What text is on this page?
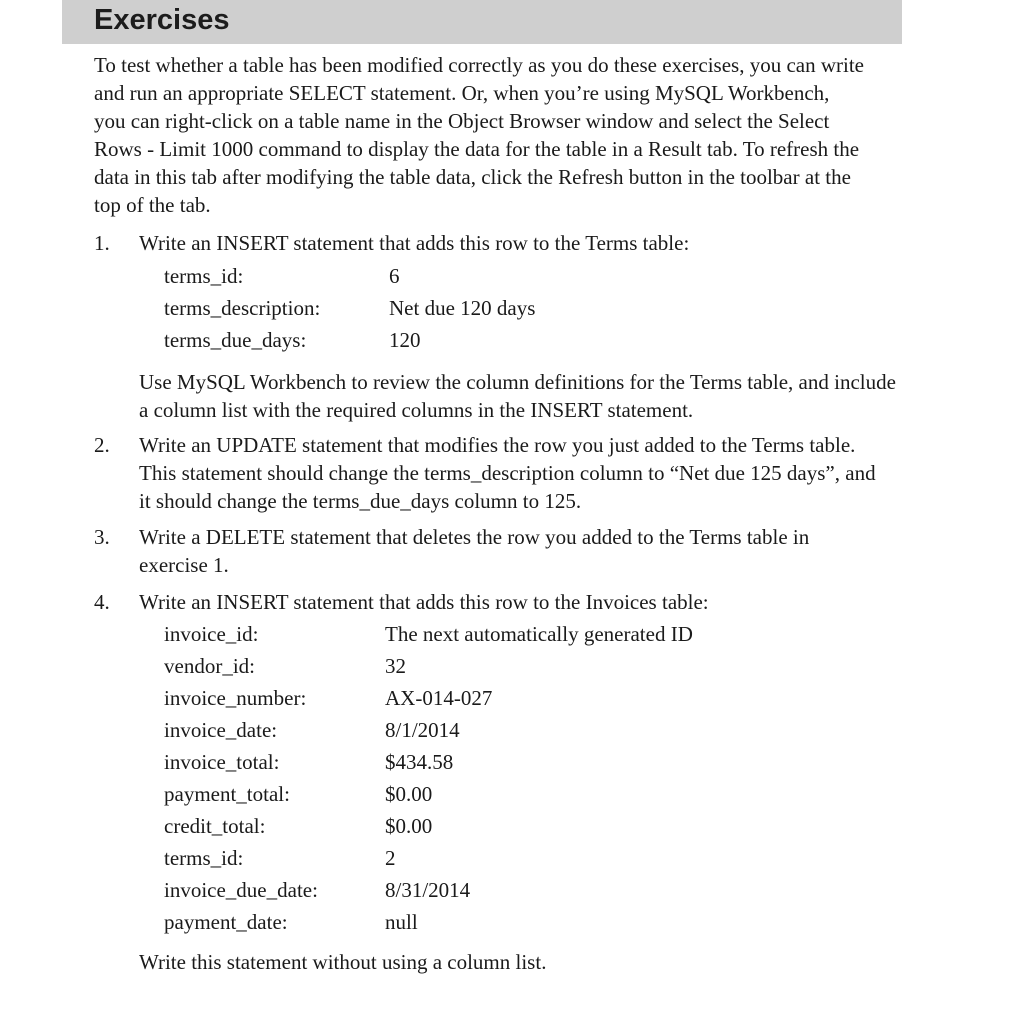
Exercises

To test whether a table has been modified correctly as you do these exercises, you can write and run an appropriate SELECT statement. Or, when you’re using MySQL Workbench, you can right-click on a table name in the Object Browser window and select the Select Rows - Limit 1000 command to display the data for the table in a Result tab. To refresh the data in this tab after modifying the table data, click the Refresh button in the toolbar at the top of the tab.

1.	Write an INSERT statement that adds this row to the Terms table:
terms_id:	6
terms_description:	Net due 120 days
terms_due_days:	120
Use MySQL Workbench to review the column definitions for the Terms table, and include a column list with the required columns in the INSERT statement.
2.	Write an UPDATE statement that modifies the row you just added to the Terms table. This statement should change the terms_description column to “Net due 125 days”, and it should change the terms_due_days column to 125.
3.	Write a DELETE statement that deletes the row you added to the Terms table in exercise 1.
4.	Write an INSERT statement that adds this row to the Invoices table:
invoice_id:	The next automatically generated ID
vendor_id:	32
invoice_number:	AX-014-027
invoice_date:	8/1/2014
invoice_total:	$434.58
payment_total:	$0.00
credit_total:	$0.00
terms_id:	2
invoice_due_date:	8/31/2014
payment_date:	null
Write this statement without using a column list.
